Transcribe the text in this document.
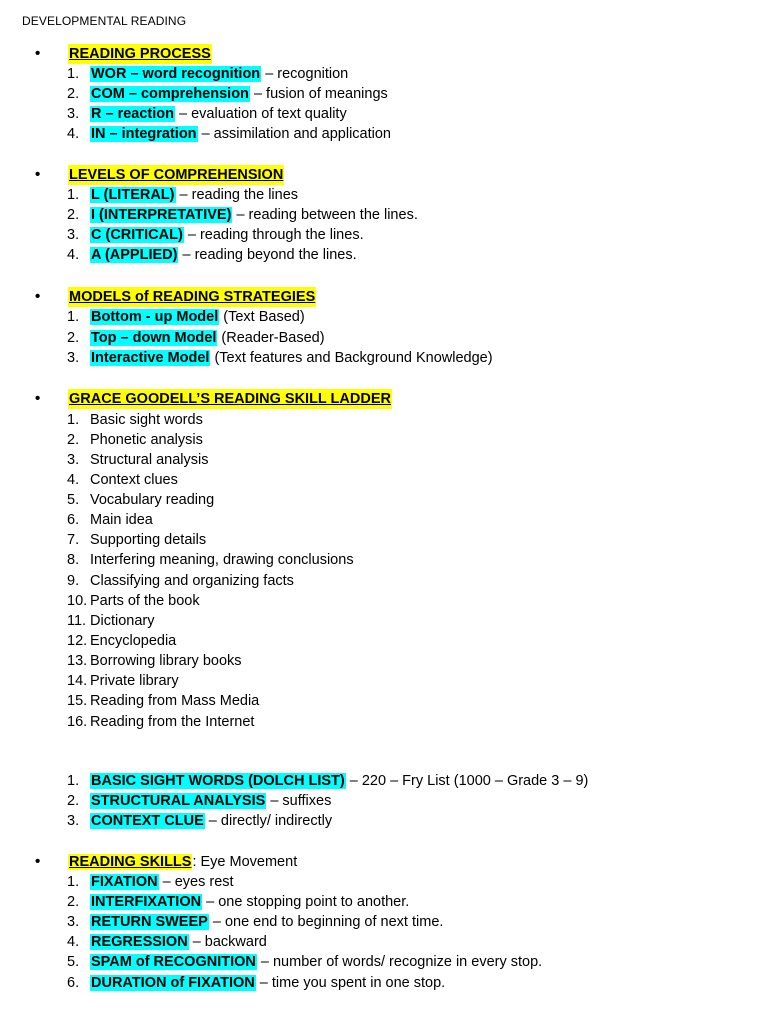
DEVELOPMENTAL READING
• READING PROCESS
1. WOR – word recognition – recognition
2. COM – comprehension – fusion of meanings
3. R – reaction – evaluation of text quality
4. IN – integration – assimilation and application
• LEVELS OF COMPREHENSION
1. L (LITERAL) – reading the lines
2. I (INTERPRETATIVE) – reading between the lines.
3. C (CRITICAL) – reading through the lines.
4. A (APPLIED) – reading beyond the lines.
• MODELS of READING STRATEGIES
1. Bottom - up Model (Text Based)
2. Top – down Model (Reader-Based)
3. Interactive Model (Text features and Background Knowledge)
• GRACE GOODELL’S READING SKILL LADDER
1. Basic sight words
2. Phonetic analysis
3. Structural analysis
4. Context clues
5. Vocabulary reading
6. Main idea
7. Supporting details
8. Interfering meaning, drawing conclusions
9. Classifying and organizing facts
10. Parts of the book
11. Dictionary
12. Encyclopedia
13. Borrowing library books
14. Private library
15. Reading from Mass Media
16. Reading from the Internet
1. BASIC SIGHT WORDS (DOLCH LIST) – 220 – Fry List (1000 – Grade 3 – 9)
2. STRUCTURAL ANALYSIS – suffixes
3. CONTEXT CLUE – directly/ indirectly
• READING SKILLS: Eye Movement
1. FIXATION – eyes rest
2. INTERFIXATION – one stopping point to another.
3. RETURN SWEEP – one end to beginning of next time.
4. REGRESSION – backward
5. SPAM of RECOGNITION – number of words/ recognize in every stop.
6. DURATION of FIXATION – time you spent in one stop.
